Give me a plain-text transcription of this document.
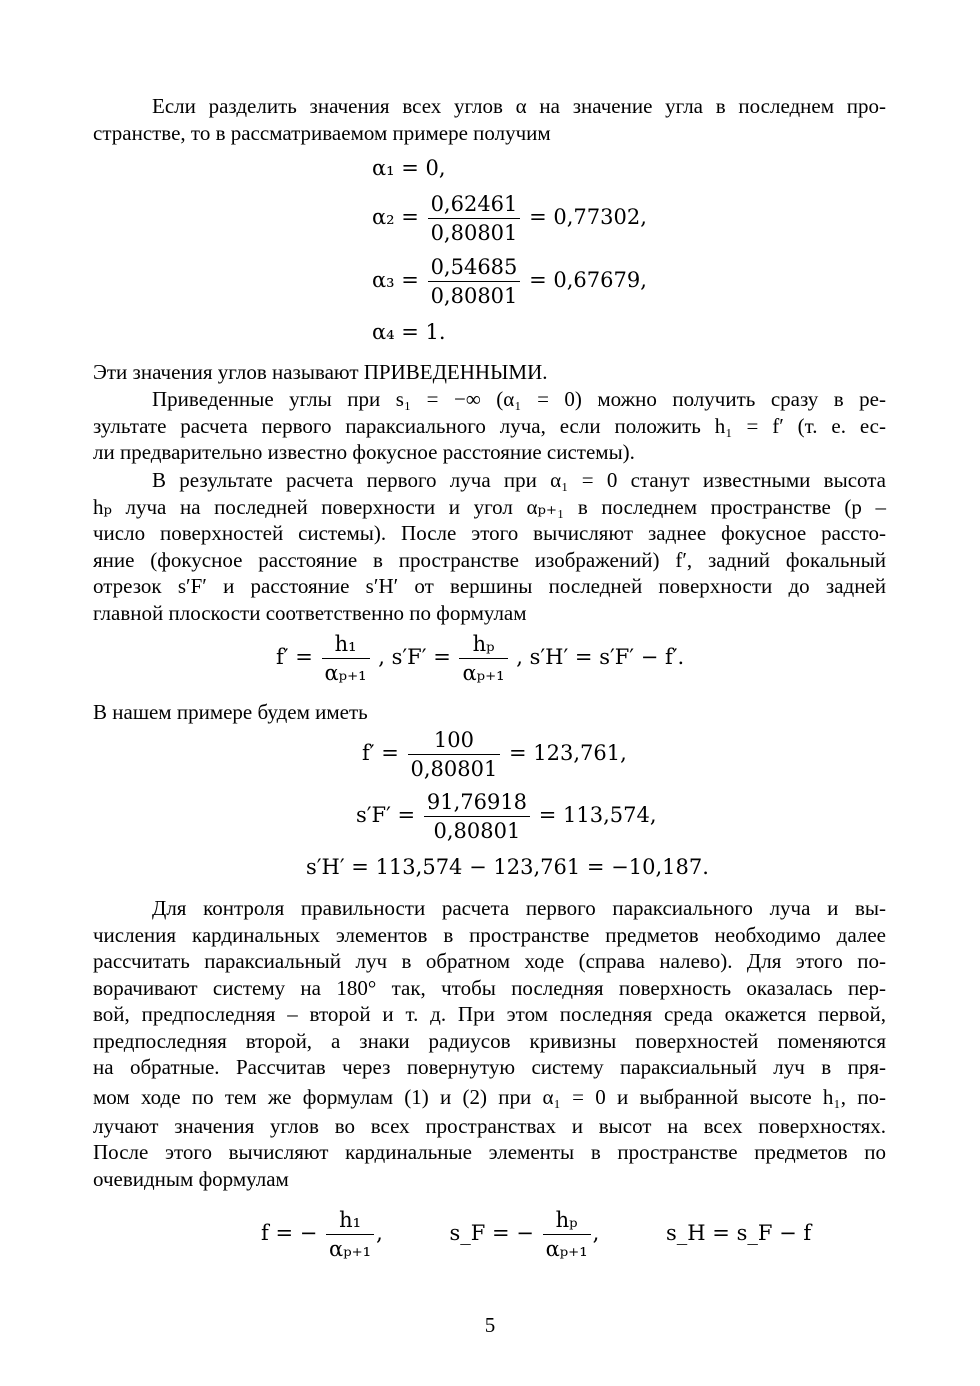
Если разделить значения всех углов α на значение угла в последнем про-
странстве, то в рассматриваемом примере получим
α₁ = 0,
$\alpha_2 = \frac{0,62461}{0,80801} = 0,77302$,
$\alpha_3 = \frac{0,54685}{0,80801} = 0,67679$,
α₄ = 1.
Эти значения углов называют ПРИВЕДЕННЫМИ.
Приведенные углы при s₁ = −∞ (α₁ = 0) можно получить сразу в ре-
зультате расчета первого параксиального луча, если положить h₁ = f′ (т. е. ес-
ли предварительно известно фокусное расстояние системы).
В результате расчета первого луча при α₁ = 0 станут известными высота
hₚ луча на последней поверхности и угол αₚ₊₁ в последнем пространстве (p –
число поверхностей системы). После этого вычисляют заднее фокусное рассто-
яние (фокусное расстояние в пространстве изображений) f′, задний фокальный
отрезок s′F′ и расстояние s′H′ от вершины последней поверхности до задней
главной плоскости соответственно по формулам
$f' = \frac{\text{h₁}}{\text{αₚ₊₁}}$ , $s'F' = \frac{\text{hₚ}}{\text{αₚ₊₁}}$ , s′H′ = s′F′ − f′.
В нашем примере будем иметь
$f' = \frac{100}{0,80801} = 123,761$,
$s'F' = \frac{91,76918}{0,80801} = 113,574$,
s′H′ = 113,574 − 123,761 = −10,187.
Для контроля правильности расчета первого параксиального луча и вы-
числения кардинальных элементов в пространстве предметов необходимо далее
рассчитать параксиальный луч в обратном ходе (справа налево). Для этого по-
ворачивают систему на 180° так, чтобы последняя поверхность оказалась пер-
вой, предпоследняя – второй и т. д. При этом последняя среда окажется первой,
предпоследняя второй, а знаки радиусов кривизны поверхностей поменяются
на обратные. Рассчитав через повернутую систему параксиальный луч в пря-
мом ходе по тем же формулам (1) и (2) при α₁ = 0 и выбранной высоте h₁, по-
лучают значения углов во всех пространствах и высот на всех поверхностях.
После этого вычисляют кардинальные элементы в пространстве предметов по
очевидным формулам
f = − $\frac{\text{h₁}}{\text{αₚ₊₁}}$ ,	s_F = − $\frac{\text{hₚ}}{\text{αₚ₊₁}}$ ,	s_H = s_F − f
5
